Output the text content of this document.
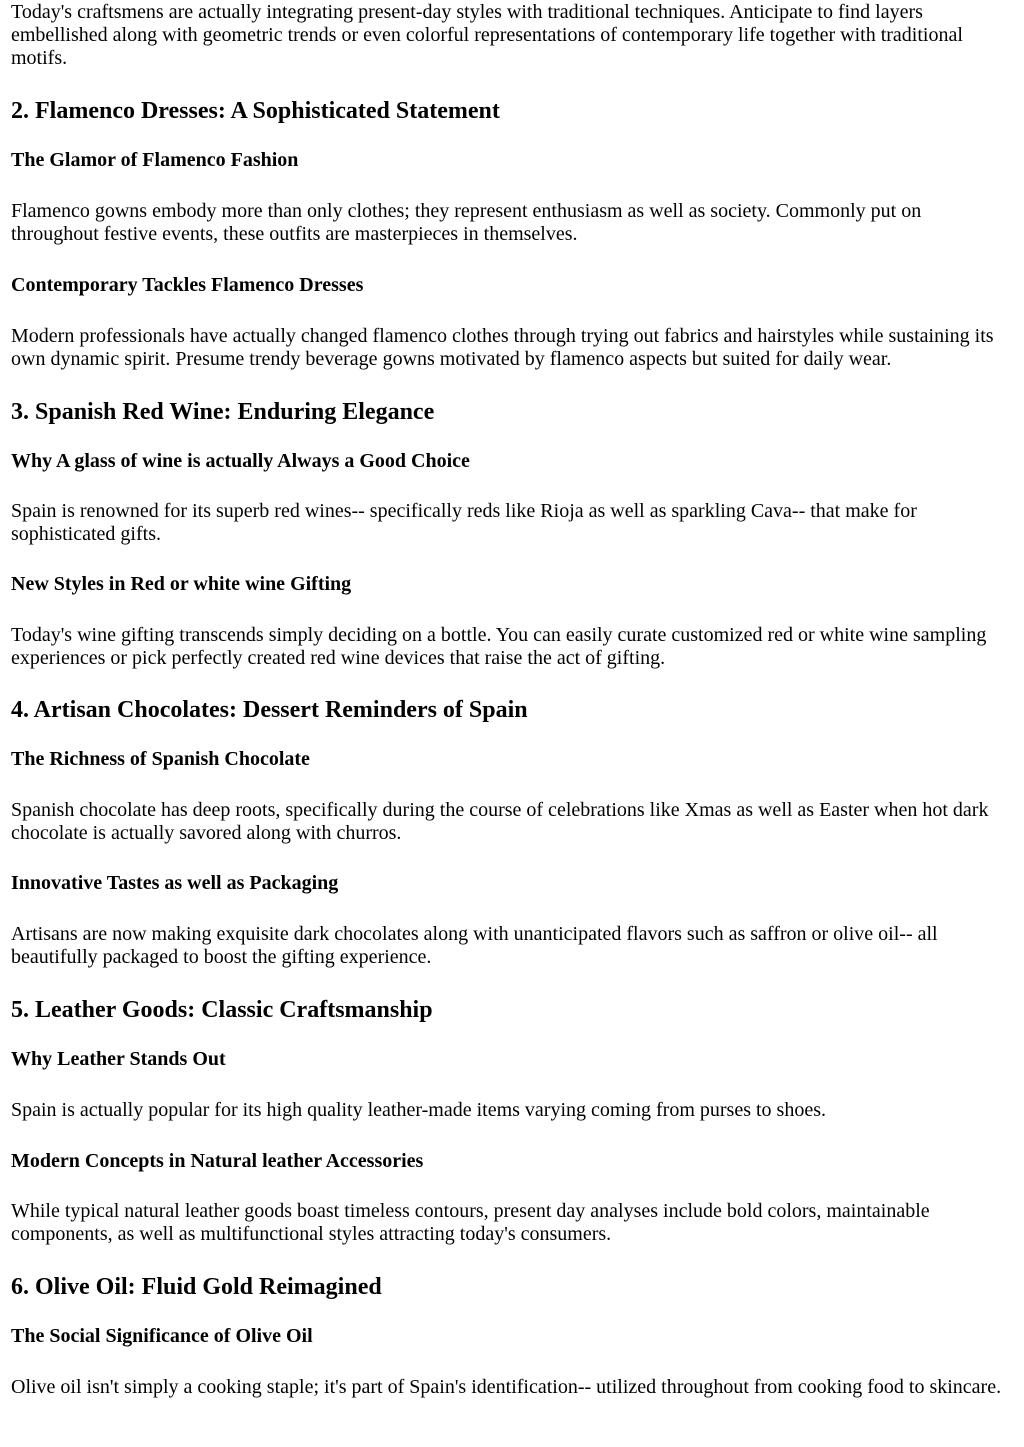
Today's craftsmens are actually integrating present-day styles with traditional techniques. Anticipate to find layers embellished along with geometric trends or even colorful representations of contemporary life together with traditional motifs.

2. Flamenco Dresses: A Sophisticated Statement
The Glamor of Flamenco Fashion

Flamenco gowns embody more than only clothes; they represent enthusiasm as well as society. Commonly put on throughout festive events, these outfits are masterpieces in themselves.

Contemporary Tackles Flamenco Dresses

Modern professionals have actually changed flamenco clothes through trying out fabrics and hairstyles while sustaining its own dynamic spirit. Presume trendy beverage gowns motivated by flamenco aspects but suited for daily wear.

3. Spanish Red Wine: Enduring Elegance
Why A glass of wine is actually Always a Good Choice

Spain is renowned for its superb red wines-- specifically reds like Rioja as well as sparkling Cava-- that make for sophisticated gifts.

New Styles in Red or white wine Gifting

Today's wine gifting transcends simply deciding on a bottle. You can easily curate customized red or white wine sampling experiences or pick perfectly created red wine devices that raise the act of gifting.

4. Artisan Chocolates: Dessert Reminders of Spain
The Richness of Spanish Chocolate

Spanish chocolate has deep roots, specifically during the course of celebrations like Xmas as well as Easter when hot dark chocolate is actually savored along with churros.

Innovative Tastes as well as Packaging

Artisans are now making exquisite dark chocolates along with unanticipated flavors such as saffron or olive oil-- all beautifully packaged to boost the gifting experience.

5. Leather Goods: Classic Craftsmanship
Why Leather Stands Out

Spain is actually popular for its high quality leather-made items varying coming from purses to shoes.

Modern Concepts in Natural leather Accessories

While typical natural leather goods boast timeless contours, present day analyses include bold colors, maintainable components, as well as multifunctional styles attracting today's consumers.

6. Olive Oil: Fluid Gold Reimagined
The Social Significance of Olive Oil

Olive oil isn't simply a cooking staple; it's part of Spain's identification-- utilized throughout from cooking food to skincare.
